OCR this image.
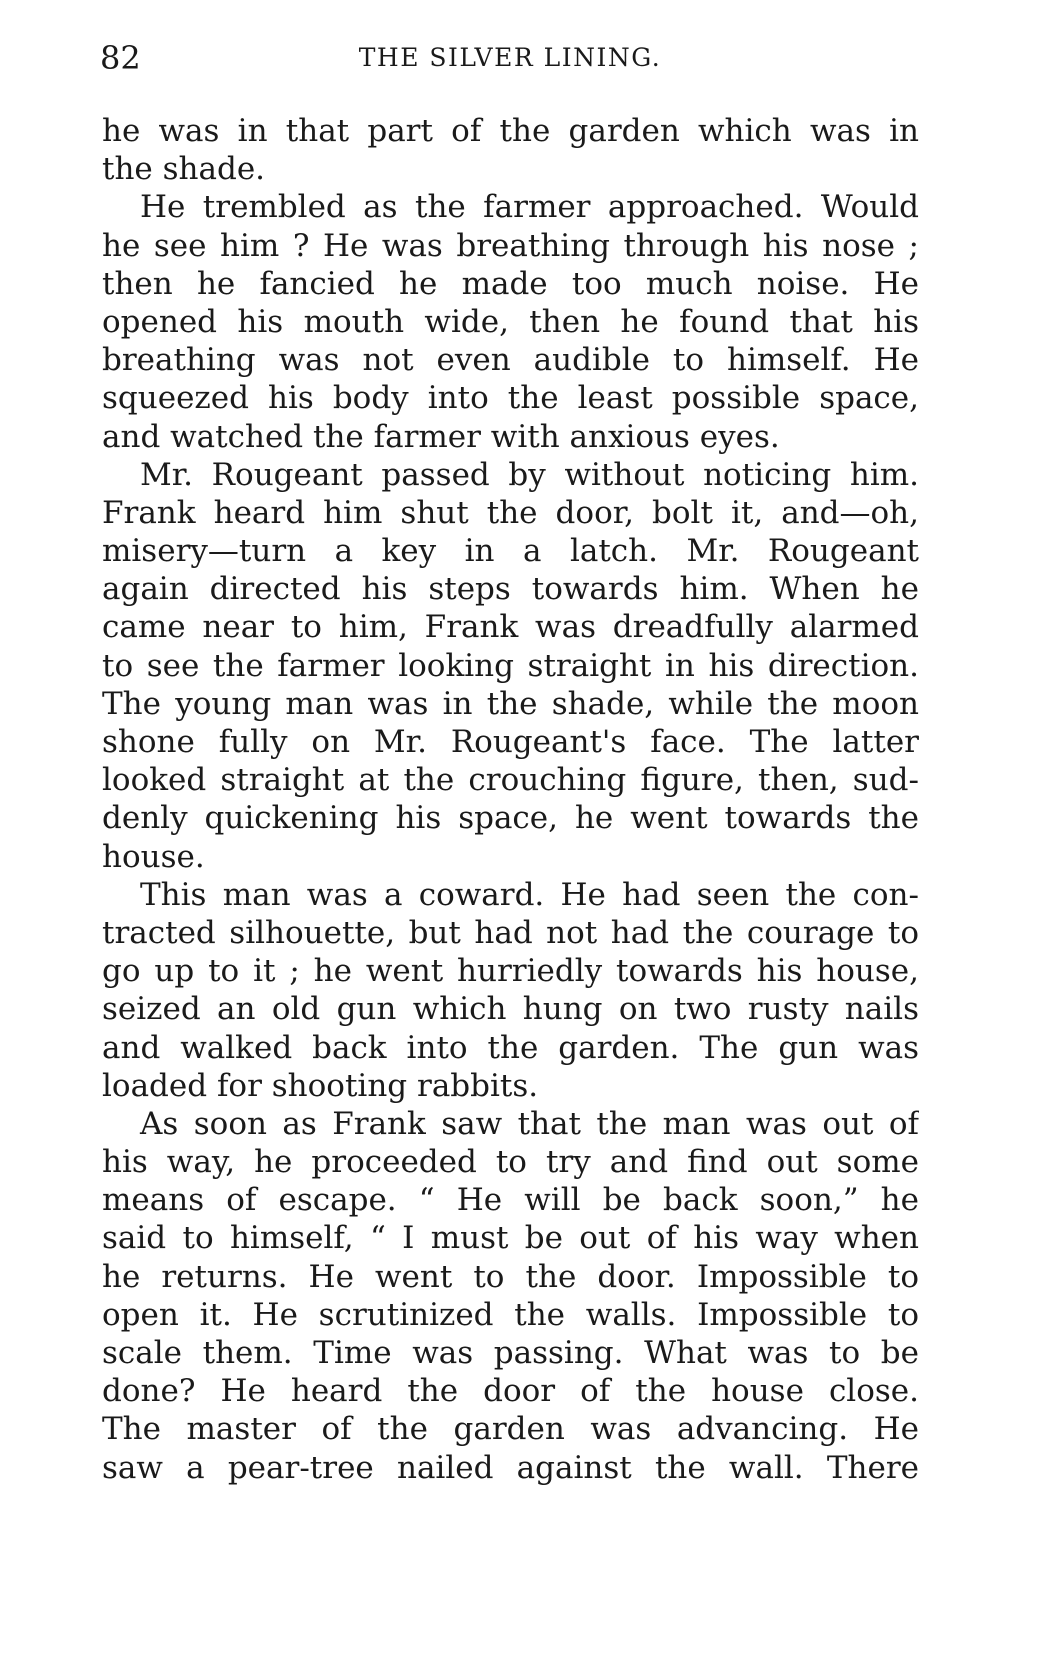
82	THE SILVER LINING.
he was in that part of the garden which was in
the shade.
He trembled as the farmer approached. Would
he see him ? He was breathing through his nose ;
then he fancied he made too much noise. He
opened his mouth wide, then he found that his
breathing was not even audible to himself. He
squeezed his body into the least possible space,
and watched the farmer with anxious eyes.
Mr. Rougeant passed by without noticing him.
Frank heard him shut the door, bolt it, and—oh,
misery—turn a key in a latch. Mr. Rougeant
again directed his steps towards him. When he
came near to him, Frank was dreadfully alarmed
to see the farmer looking straight in his direction.
The young man was in the shade, while the moon
shone fully on Mr. Rougeant's face. The latter
looked straight at the crouching figure, then, sud-
denly quickening his space, he went towards the
house.
This man was a coward. He had seen the con-
tracted silhouette, but had not had the courage to
go up to it ; he went hurriedly towards his house,
seized an old gun which hung on two rusty nails
and walked back into the garden. The gun was
loaded for shooting rabbits.
As soon as Frank saw that the man was out of
his way, he proceeded to try and find out some
means of escape. “ He will be back soon,” he
said to himself, “ I must be out of his way when
he returns. He went to the door. Impossible to
open it. He scrutinized the walls. Impossible to
scale them. Time was passing. What was to be
done? He heard the door of the house close.
The master of the garden was advancing. He
saw a pear-tree nailed against the wall. There
